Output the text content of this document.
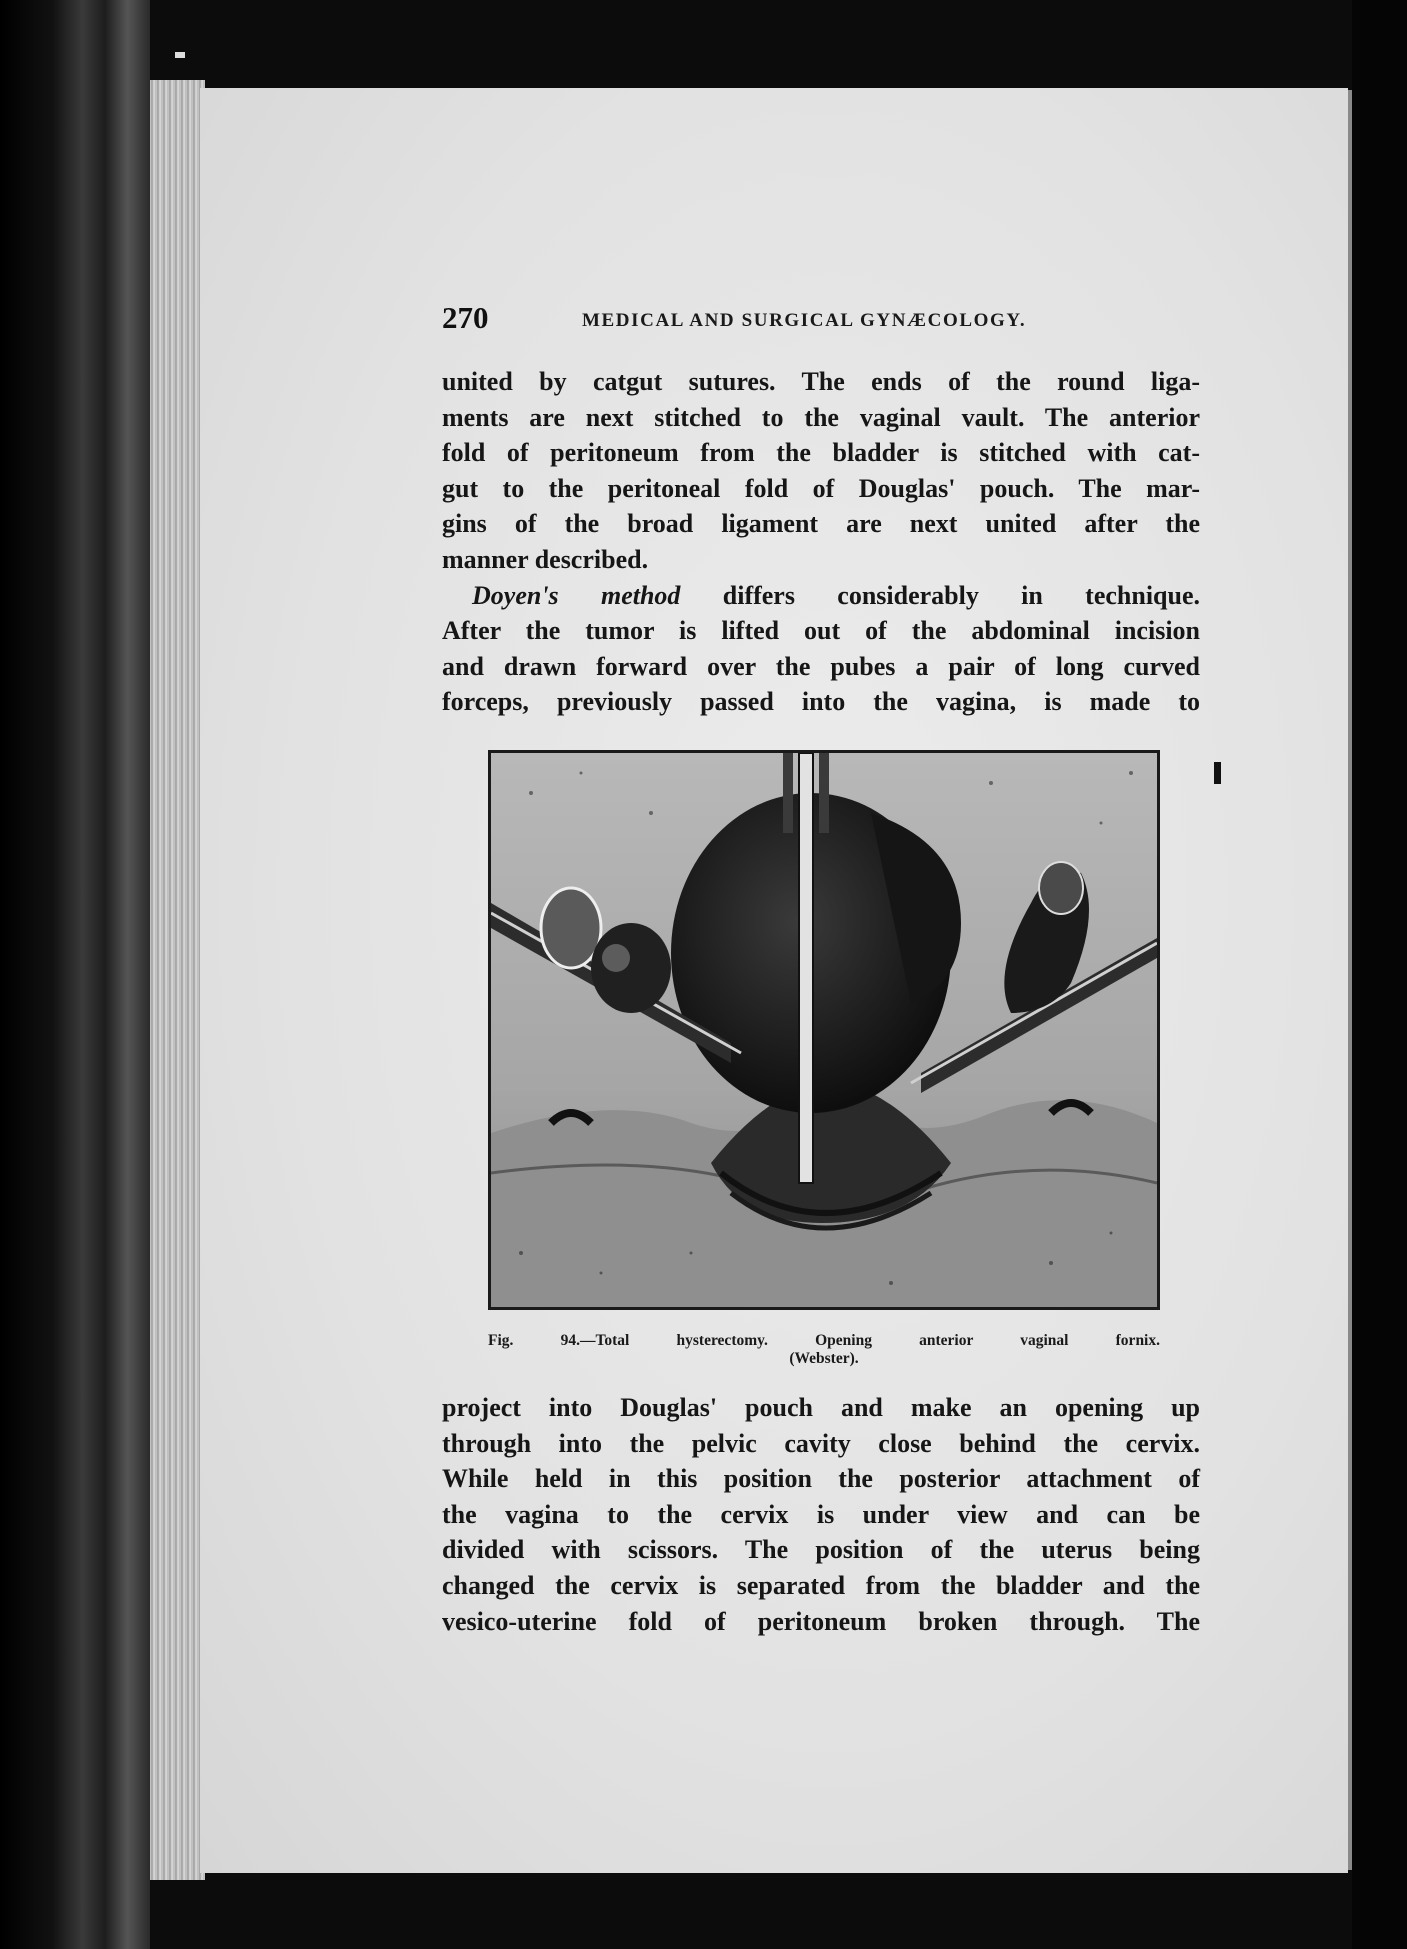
270	MEDICAL AND SURGICAL GYNÆCOLOGY.

united by catgut sutures. The ends of the round liga-
ments are next stitched to the vaginal vault. The anterior
fold of peritoneum from the bladder is stitched with cat-
gut to the peritoneal fold of Douglas' pouch. The mar-
gins of the broad ligament are next united after the
manner described.

Doyen's method differs considerably in technique.
After the tumor is lifted out of the abdominal incision
and drawn forward over the pubes a pair of long curved
forceps, previously passed into the vagina, is made to

Fig. 94.—Total hysterectomy. Opening anterior vaginal fornix.
(Webster).

project into Douglas' pouch and make an opening up
through into the pelvic cavity close behind the cervix.
While held in this position the posterior attachment of
the vagina to the cervix is under view and can be
divided with scissors. The position of the uterus being
changed the cervix is separated from the bladder and the
vesico-uterine fold of peritoneum broken through. The
